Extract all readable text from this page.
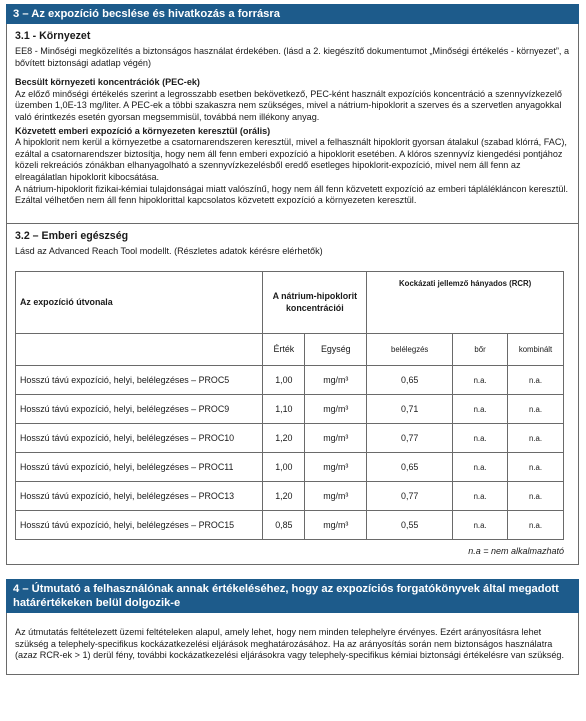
3 – Az expozíció becslése és hivatkozás a forrásra
3.1 - Környezet

EE8 - Minőségi megközelítés a biztonságos használat érdekében. (lásd a 2. kiegészítő dokumentumot „Minőségi értékelés - környezet”, a bővített biztonsági adatlap végén)

Becsült környezeti koncentrációk (PEC-ek)

Az előző minőségi értékelés szerint a legrosszabb esetben bekövetkező, PEC-ként használt expozíciós koncentráció a szennyvízkezelő üzemben 1,0E-13 mg/liter. A PEC-ek a többi szakaszra nem szükséges, mivel a nátrium-hipoklorit a szerves és a szervetlen anyagokkal való érintkezés esetén gyorsan megsemmisül, továbbá nem illékony anyag.

Közvetett emberi expozíció a környezeten keresztül (orális)

A hipoklorit nem kerül a környezetbe a csatornarendszeren keresztül, mivel a felhasznált hipoklorit gyorsan átalakul (szabad klórrá, FAC), ezáltal a csatornarendszer biztosítja, hogy nem áll fenn emberi expozíció a hipoklorit esetében. A klóros szennyvíz kiengedési pontjához közeli rekreációs zónákban elhanyagolható a szennyvízkezelésből eredő esetleges hipoklorit-expozíció, mivel nem áll fenn az elreagálatlan hipoklorit kibocsátása.

A nátrium-hipoklorit fizikai-kémiai tulajdonságai miatt valószínű, hogy nem áll fenn közvetett expozíció az emberi táplálékláncon keresztül. Ezáltal vélhetően nem áll fenn hipoklorittal kapcsolatos közvetett expozíció a környezeten keresztül.

3.2 – Emberi egészség

Lásd az Advanced Reach Tool modellt. (Részletes adatok kérésre elérhetők)

Az expozíció útvonala	A nátrium-hipoklorit koncentrációi		Kockázati jellemző hányados (RCR)		
	Érték	Egység	belélegzés	bőr	kombinált
Hosszú távú expozíció, helyi, belélegzéses – PROC5	1,00	mg/m³	0,65	n.a.	n.a.
Hosszú távú expozíció, helyi, belélegzéses – PROC9	1,10	mg/m³	0,71	n.a.	n.a.
Hosszú távú expozíció, helyi, belélegzéses – PROC10	1,20	mg/m³	0,77	n.a.	n.a.
Hosszú távú expozíció, helyi, belélegzéses – PROC11	1,00	mg/m³	0,65	n.a.	n.a.
Hosszú távú expozíció, helyi, belélegzéses – PROC13	1,20	mg/m³	0,77	n.a.	n.a.
Hosszú távú expozíció, helyi, belélegzéses – PROC15	0,85	mg/m³	0,55	n.a.	n.a.
n.a = nem alkalmazható
4 – Útmutató a felhasználónak annak értékeléséhez, hogy az expozíciós forgatókönyvek által megadott határértékeken belül dolgozik-e

Az útmutatás feltételezett üzemi feltételeken alapul, amely lehet, hogy nem minden telephelyre érvényes. Ezért arányosításra lehet szükség a telephely-specifikus kockázatkezelési eljárások meghatározásához. Ha az arányosítás során nem biztonságos használatra (azaz RCR-ek > 1) derül fény, további kockázatkezelési eljárásokra vagy telephely-specifikus kémiai biztonsági értékelésre van szükség.
